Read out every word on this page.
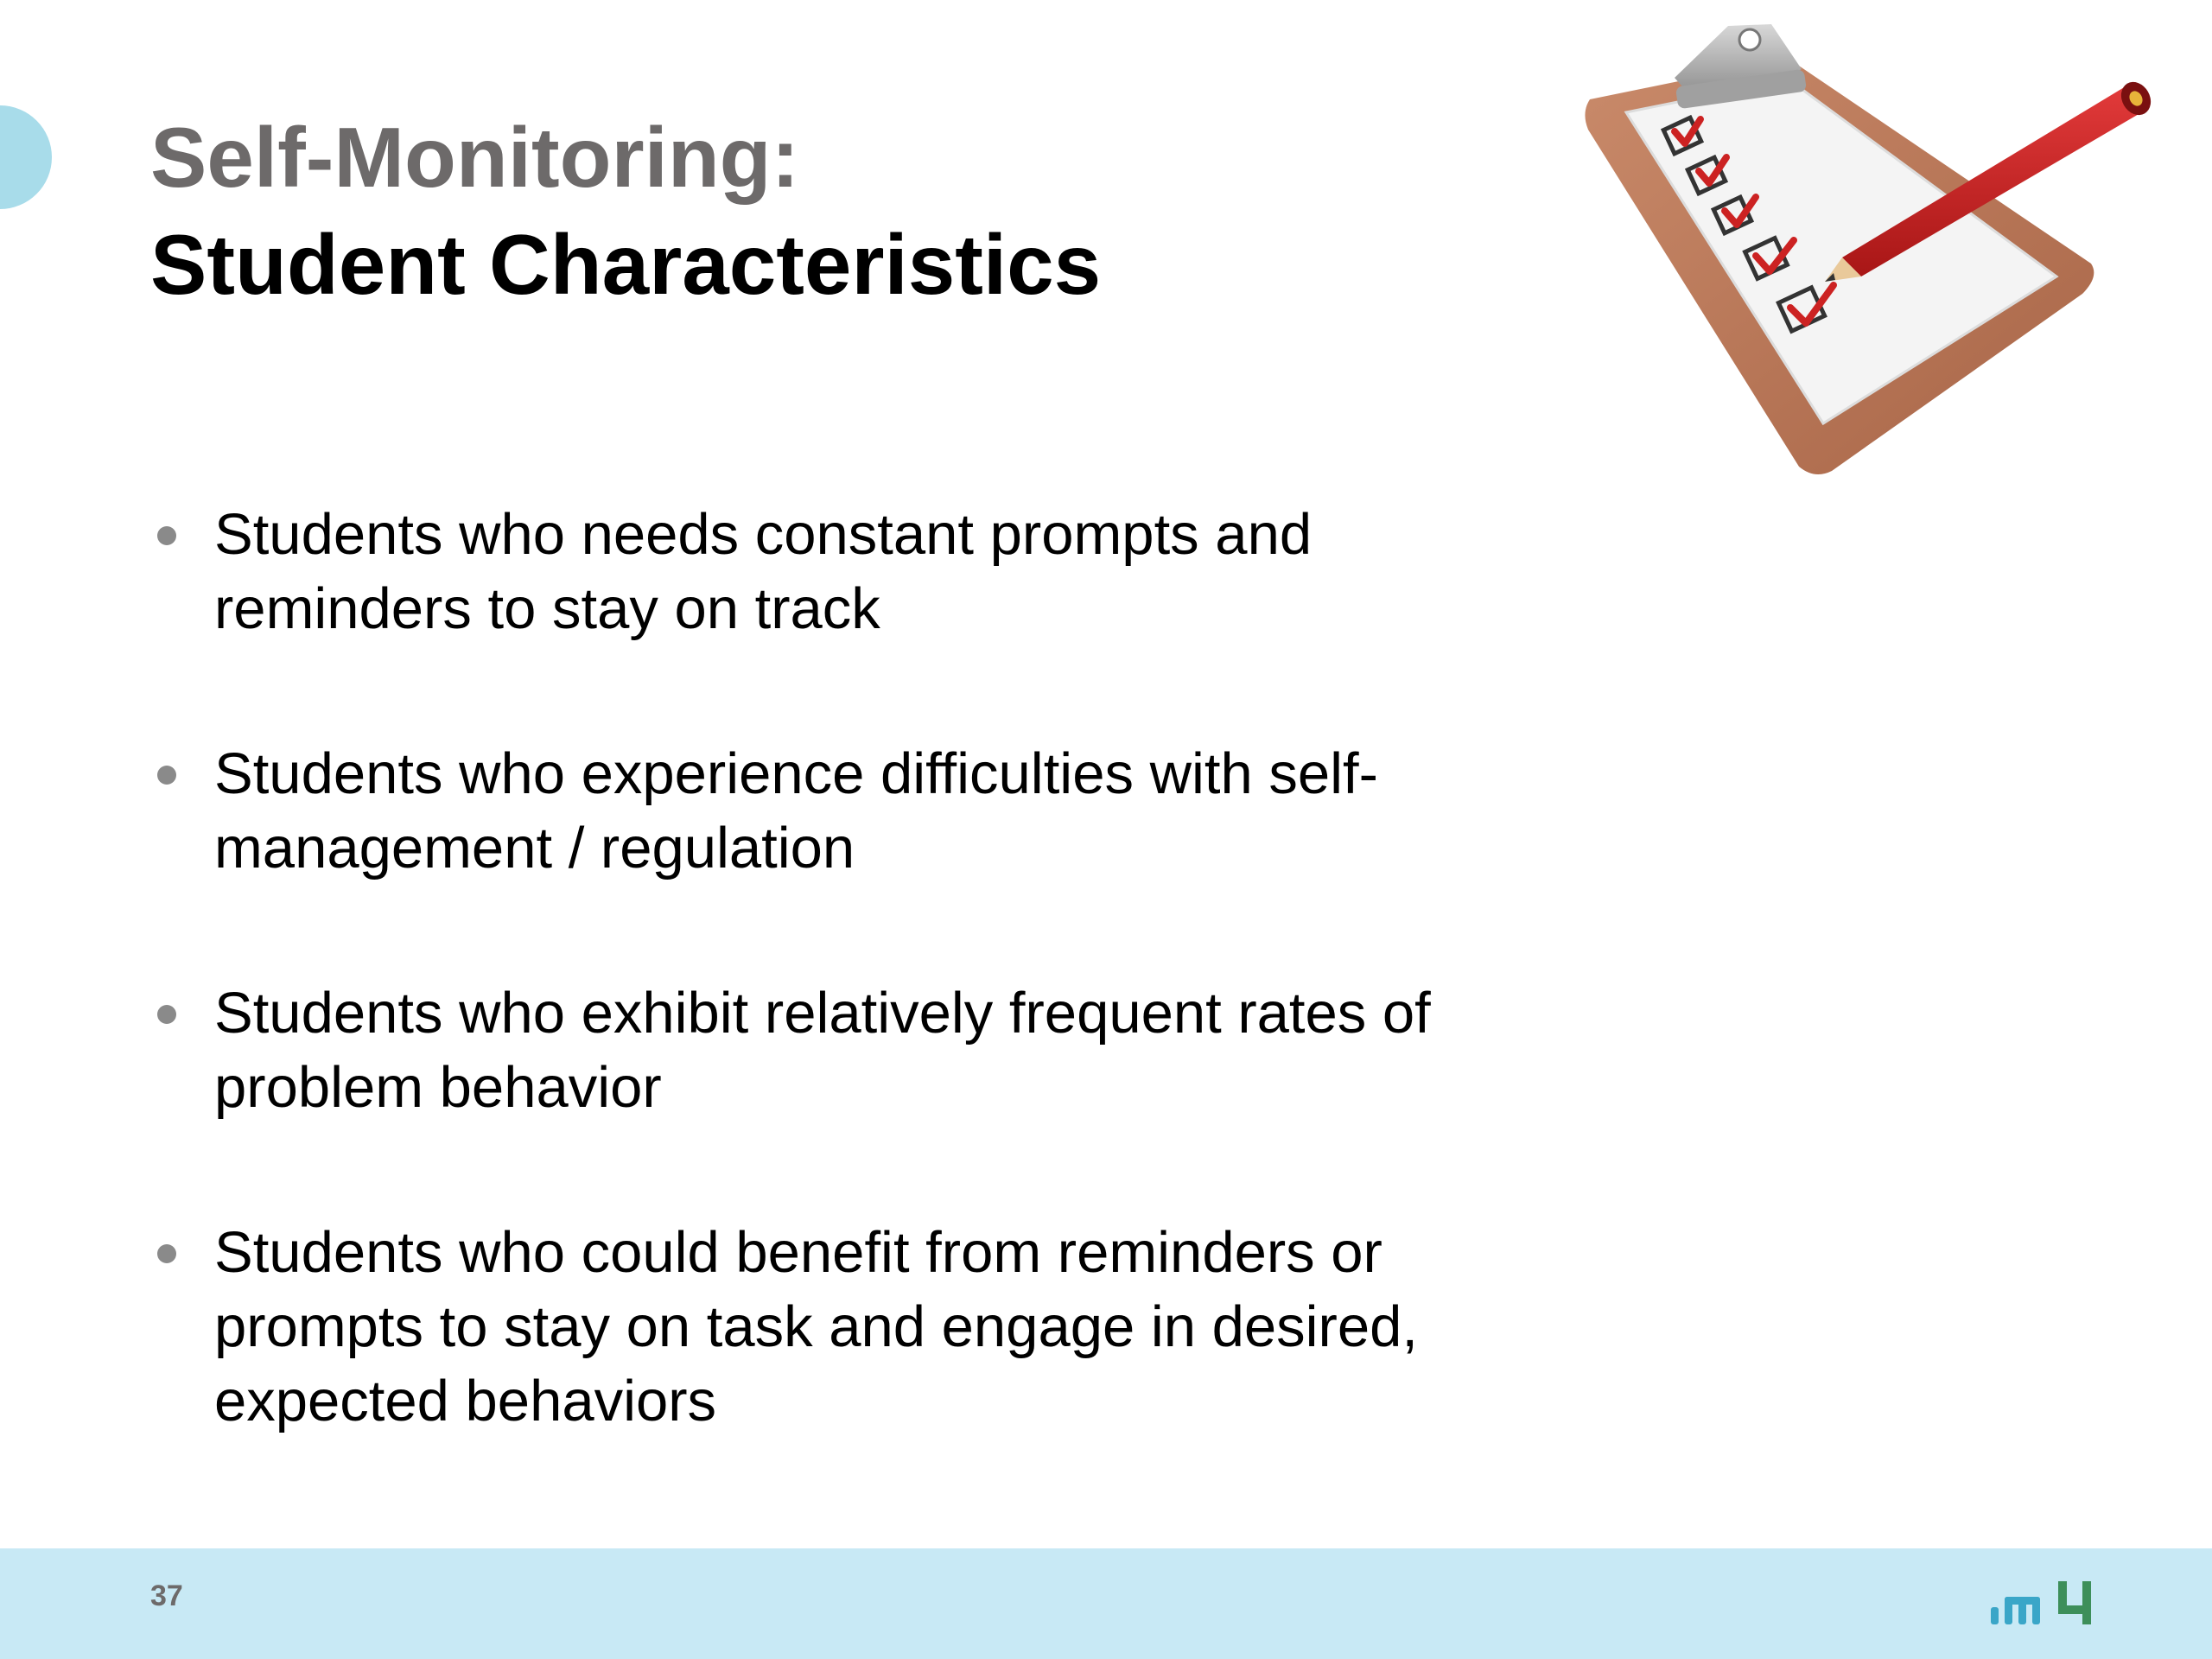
Self-Monitoring:
Student Characteristics
Students who needs constant prompts and
reminders to stay on track
Students who experience difficulties with self-
management / regulation
Students who exhibit relatively frequent rates of
problem behavior
Students who could benefit from reminders or
prompts to stay on task and engage in desired,
expected behaviors
37
